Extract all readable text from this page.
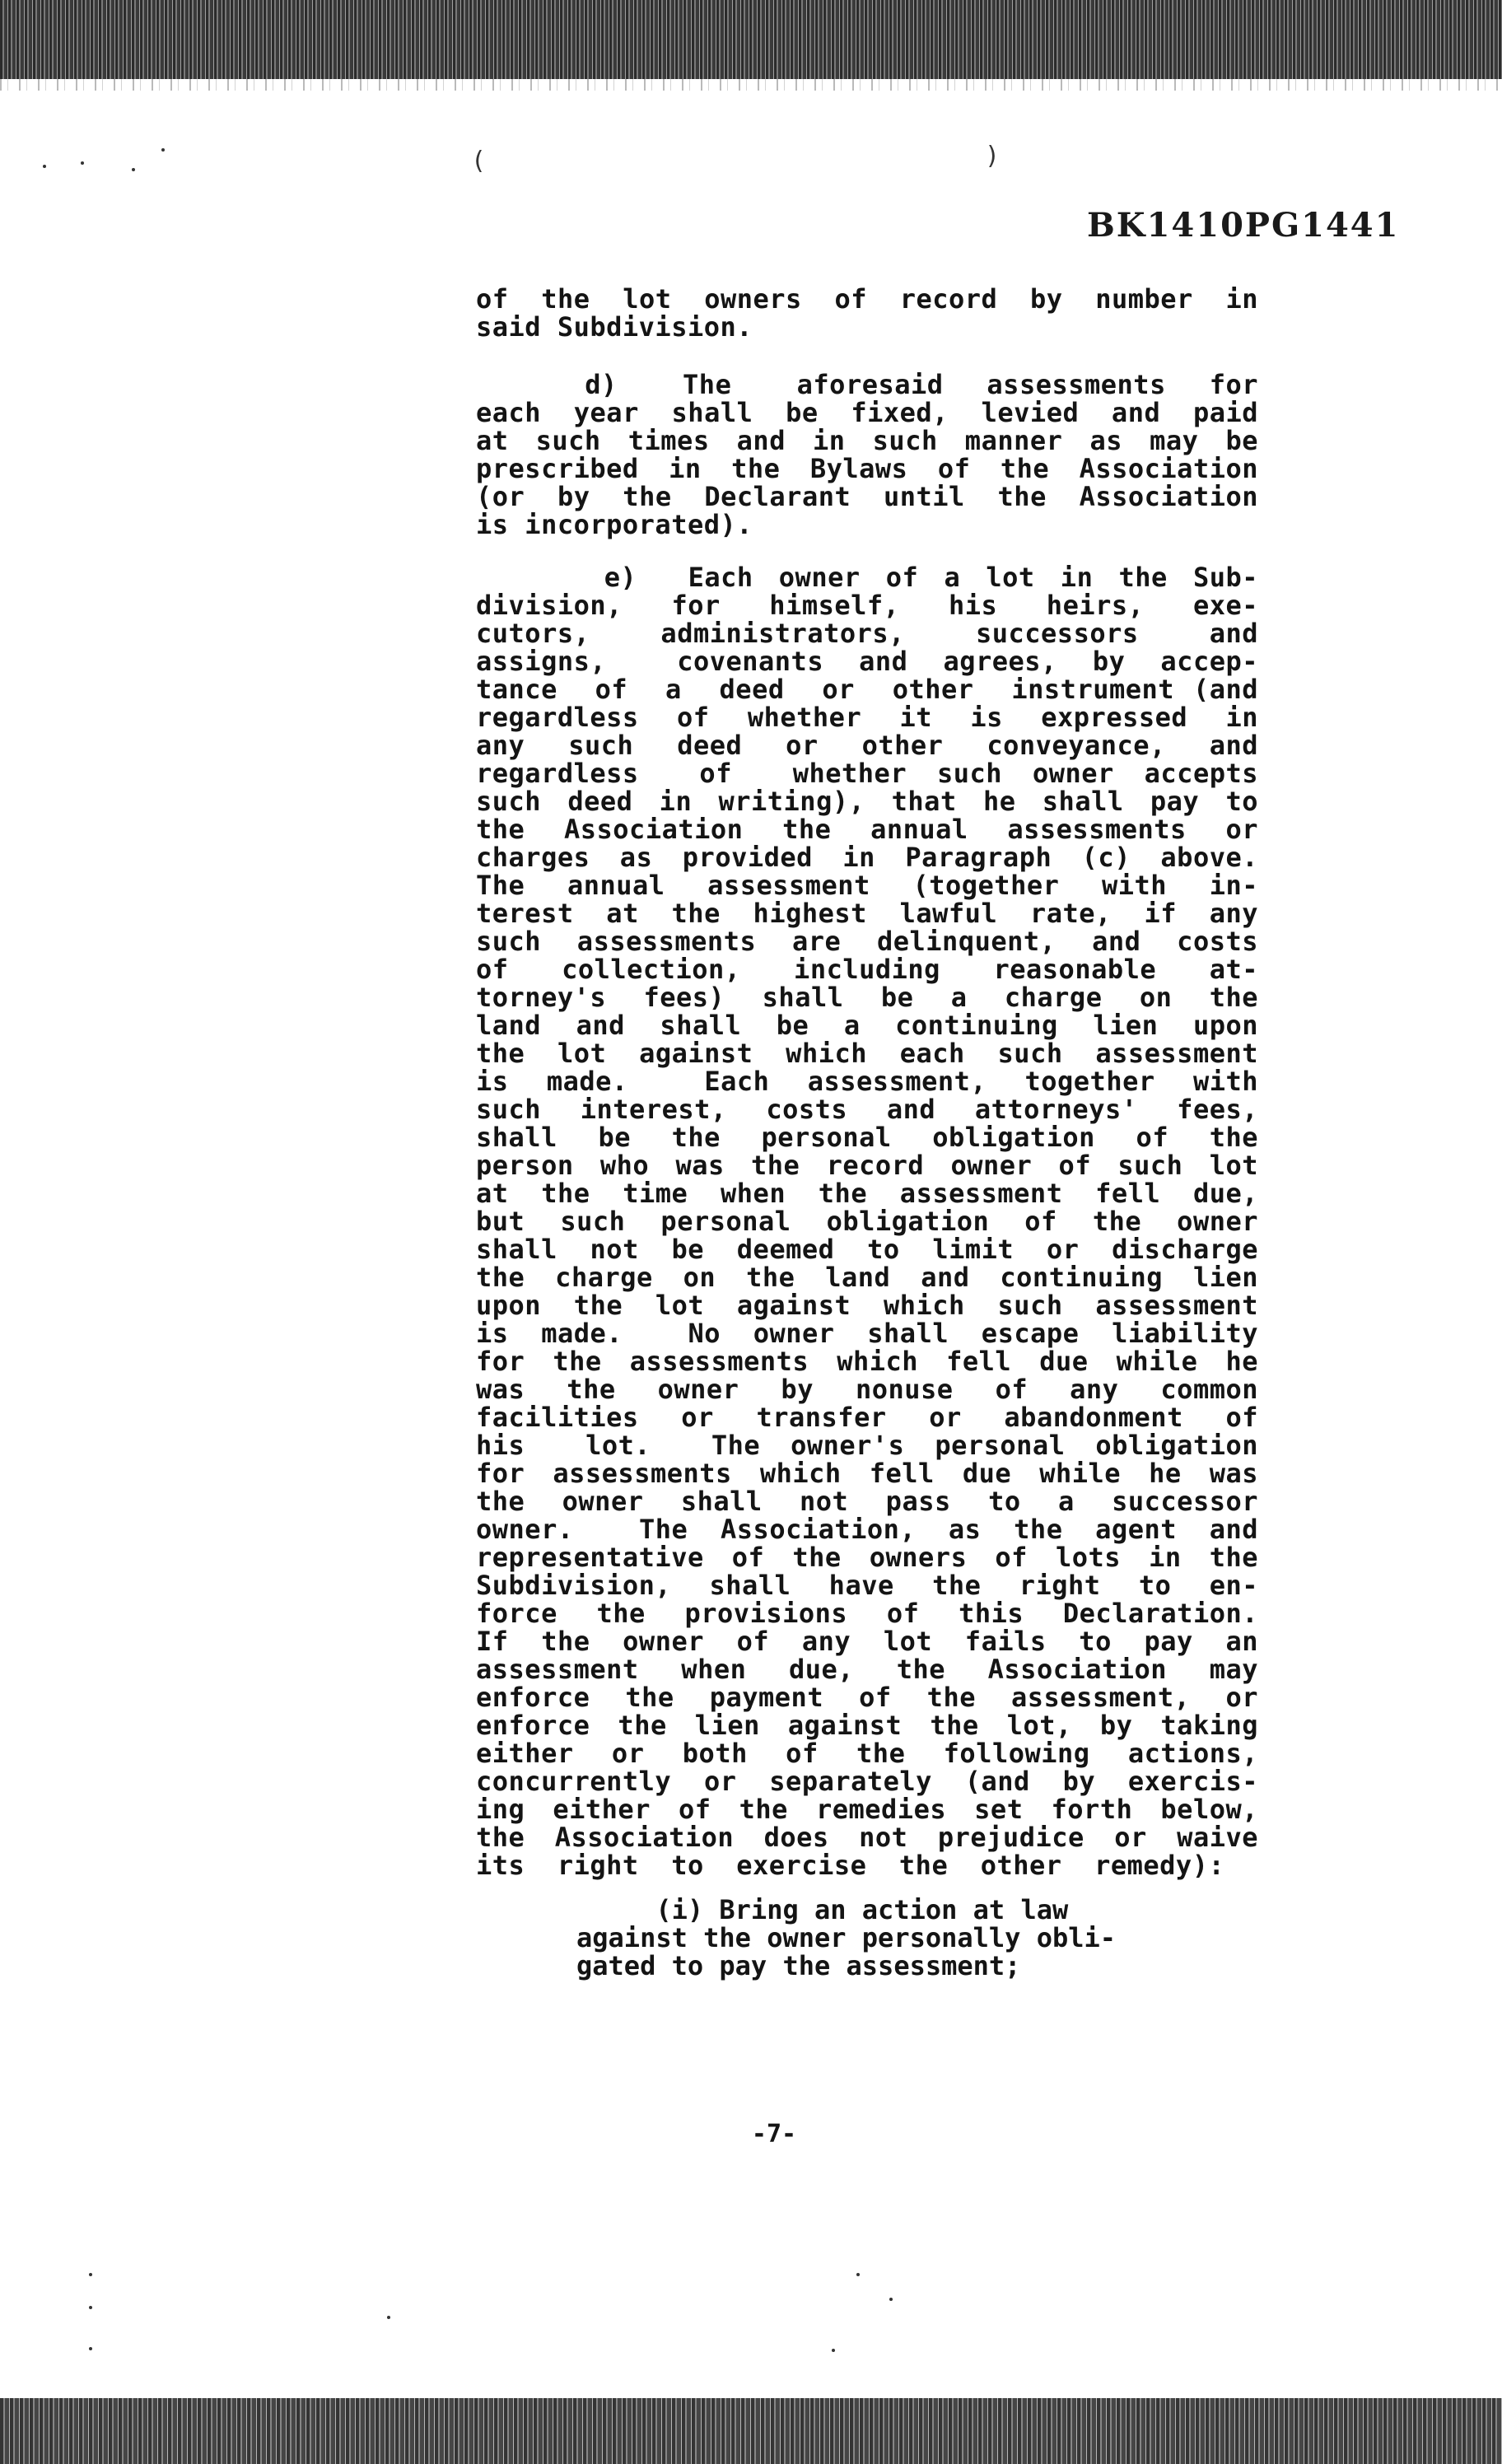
(	)
BK1410PG1441
of the lot owners of record by number in
said Subdivision.
d)   The   aforesaid  assessments  for
each year shall be fixed, levied and paid
at such times and in such manner as may be
prescribed in the Bylaws of the Association
(or by the Declarant until the Association
is incorporated).
e)  Each owner of a lot in the Sub-
division,  for  himself,  his  heirs,  exe-
cutors,  administrators,  successors  and
assigns,  covenants and agrees, by accep-
tance  of  a  deed  or  other  instrument (and
regardless  of  whether  it  is  expressed  in
any  such  deed  or  other  conveyance,  and
regardless  of  whether such owner accepts
such deed in writing), that he shall pay to
the Association the annual assessments or
charges as provided in Paragraph (c) above.
The  annual  assessment  (together  with  in-
terest at the highest lawful rate, if any
such assessments are delinquent, and costs
of  collection,  including  reasonable  at-
torney's  fees)  shall  be  a  charge  on  the
land and shall be a continuing lien upon
the lot against which each such assessment
is made.  Each assessment, together with
such interest, costs and attorneys' fees,
shall be the personal obligation of the
person who was the record owner of such lot
at the time when the assessment fell due,
but such personal obligation of the owner
shall not be deemed to limit or discharge
the charge on the land and continuing lien
upon the lot against which such assessment
is made.  No owner shall escape liability
for the assessments which fell due while he
was  the  owner  by  nonuse  of  any  common
facilities  or  transfer  or  abandonment  of
his  lot.  The owner's personal obligation
for assessments which fell due while he was
the  owner  shall  not  pass  to  a  successor
owner.  The Association, as the agent and
representative of the owners of lots in the
Subdivision, shall have the right to en-
force the provisions of this Declaration.
If  the  owner  of  any  lot  fails  to  pay  an
assessment when due, the Association may
enforce the payment of the assessment, or
enforce the lien against the lot, by taking
either  or  both  of  the  following  actions,
concurrently or separately (and by exercis-
ing either of the remedies set forth below,
the Association does not prejudice or waive
its  right  to  exercise  the  other  remedy):
(i) Bring an action at law
against the owner personally obli-
gated to pay the assessment;
-7-
